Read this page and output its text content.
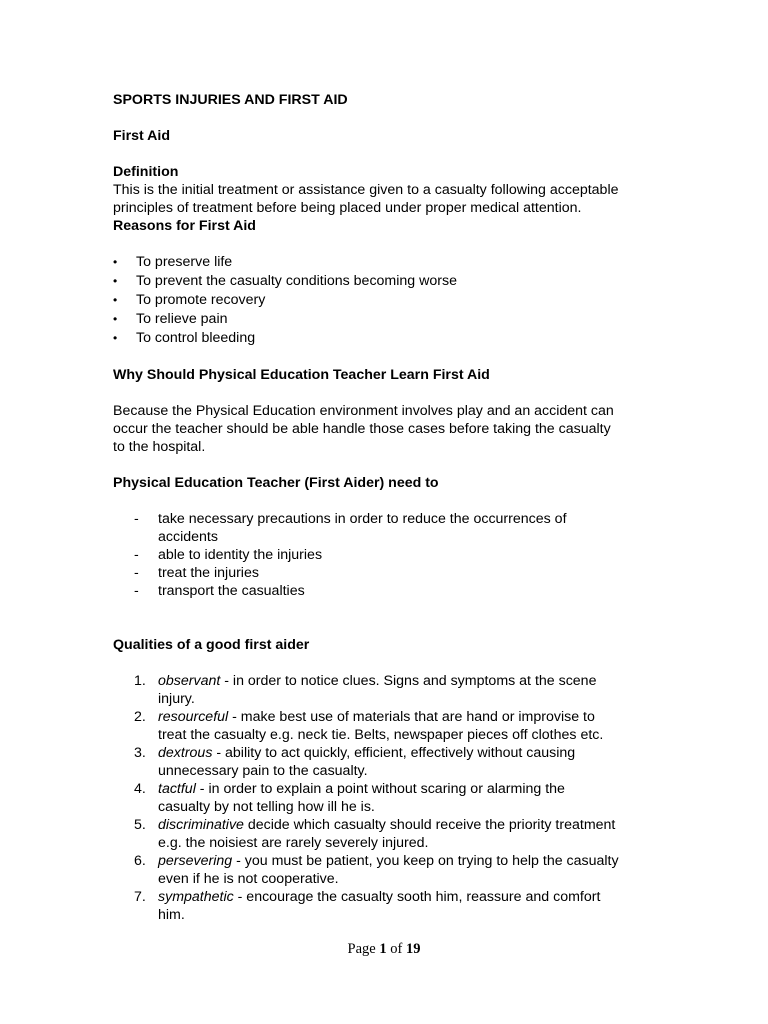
SPORTS INJURIES AND FIRST AID

First Aid

Definition

This is the initial treatment or assistance given to a casualty following acceptable

principles of treatment before being placed under proper medical attention.

Reasons for First Aid

•	To preserve life
•	To prevent the casualty conditions becoming worse
•	To promote recovery
•	To relieve pain
•	To control bleeding

Why Should Physical Education Teacher Learn First Aid

Because the Physical Education environment involves play and an accident can

occur the teacher should be able handle those cases before taking the casualty

to the hospital.

Physical Education Teacher (First Aider) need to

- take necessary precautions in order to reduce the occurrences of
accidents
- able to identity the injuries
- treat the injuries
- transport the casualties

Qualities of a good first aider

1. observant - in order to notice clues. Signs and symptoms at the scene
injury.
2. resourceful - make best use of materials that are hand or improvise to
treat the casualty e.g. neck tie. Belts, newspaper pieces off clothes etc.
3. dextrous - ability to act quickly, efficient, effectively without causing
unnecessary pain to the casualty.
4. tactful - in order to explain a point without scaring or alarming the
casualty by not telling how ill he is.
5. discriminative decide which casualty should receive the priority treatment
e.g. the noisiest are rarely severely injured.
6. persevering - you must be patient, you keep on trying to help the casualty
even if he is not cooperative.
7. sympathetic - encourage the casualty sooth him, reassure and comfort
him.
Page 1 of 19
